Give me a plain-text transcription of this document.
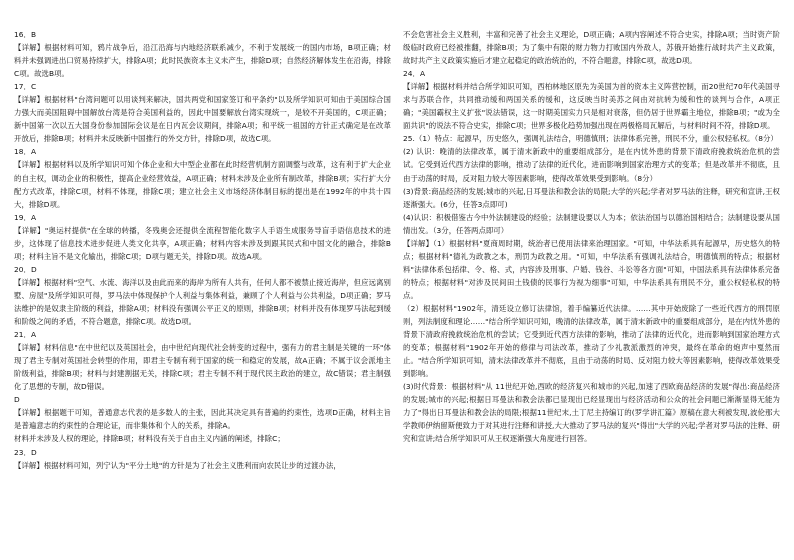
16．B
【详解】根据材料可知，鸦片战争后，沿江沿海与内地经济联系减少，不利于发展统一的国内市场，B项正确；材料并未强调进出口贸易持续扩大，排除A项；此时民族资本主义未产生，排除D项；自然经济解体发生在沿海，排除C项。故选B项。
17．C
【详解】根据材料"台湾问题可以用谈判来解决，国共两党和国家签订和平条约"以及所学知识可知由于美国综合国力强大而美国阻碍中国解放台湾是符合美国利益的，因此中国要解放台湾实现统一，是较不开美国的，C项正确；新中国第一次以五大国身份参加国际会议是在日内瓦会议期间，排除A项；和平统一祖国的方针正式确定是在改革开放后，排除B项；材料并未反映新中国推行的外交方针，排除D项，故选C项。
18．A
【详解】根据材料以及所学知识可知个体企业和大中型企业都在此时经营机制方面调整与改革，这有利于扩大企业的自主权，调动企业的积极性，提高企业经营效益，A项正确；材料未涉及企业所有制改革，排除B项；实行扩大分配方式改革，排除C项，材料不体现，排除C项；建立社会主义市场经济体制目标的提出是在1992年的中共十四大，排除D项。
19．A
【详解】"奥运村提供"在全球的转播，冬残奥会还提供全流程智能化数字人手语生成服务导盲手语信息技术的进步，这体现了信息技术进步促进人类文化共享，A项正确；材料内容未涉及到跟其民式和中国文化的融合，排除B项；材料主旨不是文化输出，排除C项；D项与题无关，排除D项。故选A项。
20．D
【详解】根据材料"空气、水流、海洋以及由此而来的海岸为所有人共有，任何人都不被禁止接近海岸，但应远离别墅、房屋"及所学知识可得，罗马法中体现保护个人利益与集体利益，兼顾了个人利益与公共利益，D项正确；罗马法维护的是奴隶主阶级的利益，排除A项；材料没有强调公平正义的原则，排除B项；材料并没有体现罗马法起到缓和阶级之间的矛盾，不符合题意，排除C项。故选D项。
21．A
【详解】材料信息"在中世纪以及英国社会，由中世纪向现代社会转变的过程中，强有力的君主制是关键的一环"体现了君主专制对英国社会转型的作用，即君主专制有利于国家的统一和稳定的发展，故A正确；不属于议会派地主阶级利益，排除B项；材料与封建割据无关，排除C项；君主专制不利于现代民主政治的建立，故C错误；君主制强化了思想的专制，故D错误。
D
【详解】根据题干可知，普通意志代表的是多数人的主张，因此其决定具有普遍的约束性，选项D正确，材料主旨是普遍意志的约束性的合理论证，而非集体和个人的关系，排除A。
材料并未涉及人权的理论，排除B项；材料没有关于自由主义内涵的阐述，排除C；
23．D
【详解】根据材料可知，列宁认为"平分土地"的方针是为了社会主义胜利而向农民让步的过渡办法，
不会危害社会主义胜利，丰富和完善了社会主义理论，D项正确；A项内容阐述不符合史实，排除A项；当时资产阶级临时政府已经被推翻，排除B项；为了集中有限的财力物力打败国内外敌人，苏俄开始推行战时共产主义政策，故时共产主义政策实施后才建立起稳定的政治统治的，不符合题意，排除C项，故选D项。
24．A
【详解】根据材料并结合所学知识可知，西柏林地区原先为美国为首的资本主义阵营控制，而20世纪70年代美国寻求与苏联合作，共同推动缓和两国关系的缓和，这反映当时美苏之间由对抗转为缓和性的谈判与合作，A项正确；"美国霸权主义扩张"说法错误，这一时期美国实力只是相对衰落，但仍居于世界霸主地位，排除B项；"或为全面共识"的说法不符合史实，排除C项；世界多极化趋势加强出现在两极格局瓦解后，与材料时间不符，排除D项。
25.（1）特点：起源早，历史悠久，强调礼法结合，明德慎刑；法律体系完善，刑民不分，重公权轻私权。（8分）
(2) 认识：晚清的法律改革，属于清末新政中的重要组成部分，是在内忧外患的背景下清政府挽救统治危机的尝试。它受到近代西方法律的影响，推动了法律的近代化，进而影响到国家治理方式的变革；但是改革并不彻底，且由于动荡的时局，反对阻力较大等因素影响，使得改革效果受到影响。（8分）
(3)背景:商品经济的发展;城市的兴起,日耳曼法和教会法的局限;大学的兴起;学者对罗马法的注释，研究和宣讲,王权逐渐强大。(6分，任答3点即可)
(4)认识：积极借鉴古今中外法制建设的经验；法制建设要以人为本；依法治国与以德治国相结合；法制建设要从国情出发。（3分，任答两点即可）
【详解】（1）根据材料"夏商周时期，统治者已使用法律来治理国家。"可知，中华法系具有起源早，历史悠久的特点；根据材料"德礼为政教之本，刑罚为政教之用。"可知，中华法系有强调礼法结合，明德慎刑的特点；根据材料"法律体系包括律、令、格、式，内容涉及刑事、户婚、钱谷、斗讼等各方面"可知，中国法系具有法律体系完备的特点；根据材料"对涉及民间田土钱债的民事行为视为细事"可知，中华法系具有刑民不分，重公权轻私权的特点。
（2）根据材料"1902年，清廷设立修订法律馆，着手编纂近代法律。……其中开始废除了一些近代西方的刑罚原则，列法制度和理论……"结合所学知识可知，晚清的法律改革，属于清末新政中的重要组成部分，是在内忧外患的背景下清政府挽救统治危机的尝试；它受到近代西方法律的影响，推动了法律的近代化，进而影响到国家治理方式的变革；根据材料"1902年开始的修律与司法改革，推动了少礼教派激烈的冲突，最终在革命的炮声中戛然而止。"结合所学知识可知，清末法律改革并不彻底，且由于动荡的时局、反对阻力较大等因素影响，使得改革效果受到影响。
(3)时代背景：根据材料"从 11世纪开始,西欧的经济复兴和城市的兴起,加速了西欧商品经济的发展"得出:商品经济的发展;城市的兴起;根据日耳曼法和教会法都已显现出已经显现出与经济活动和公众的社会问题已渐渐显得无能为力了"得出日耳曼法和教会法的局限;根据11世纪末,土丁尼主持编订的(罗学讲汇篇》原稿在意大利被发现,波伦那大学教师伊纳留斯便致力于对其进行注释和讲授,大大推动了罗马法的复兴"得出"大学的兴起;学者对罗马法的注释、研究和宣讲;结合所学知识可从王权逐渐强大角度进行回答。
